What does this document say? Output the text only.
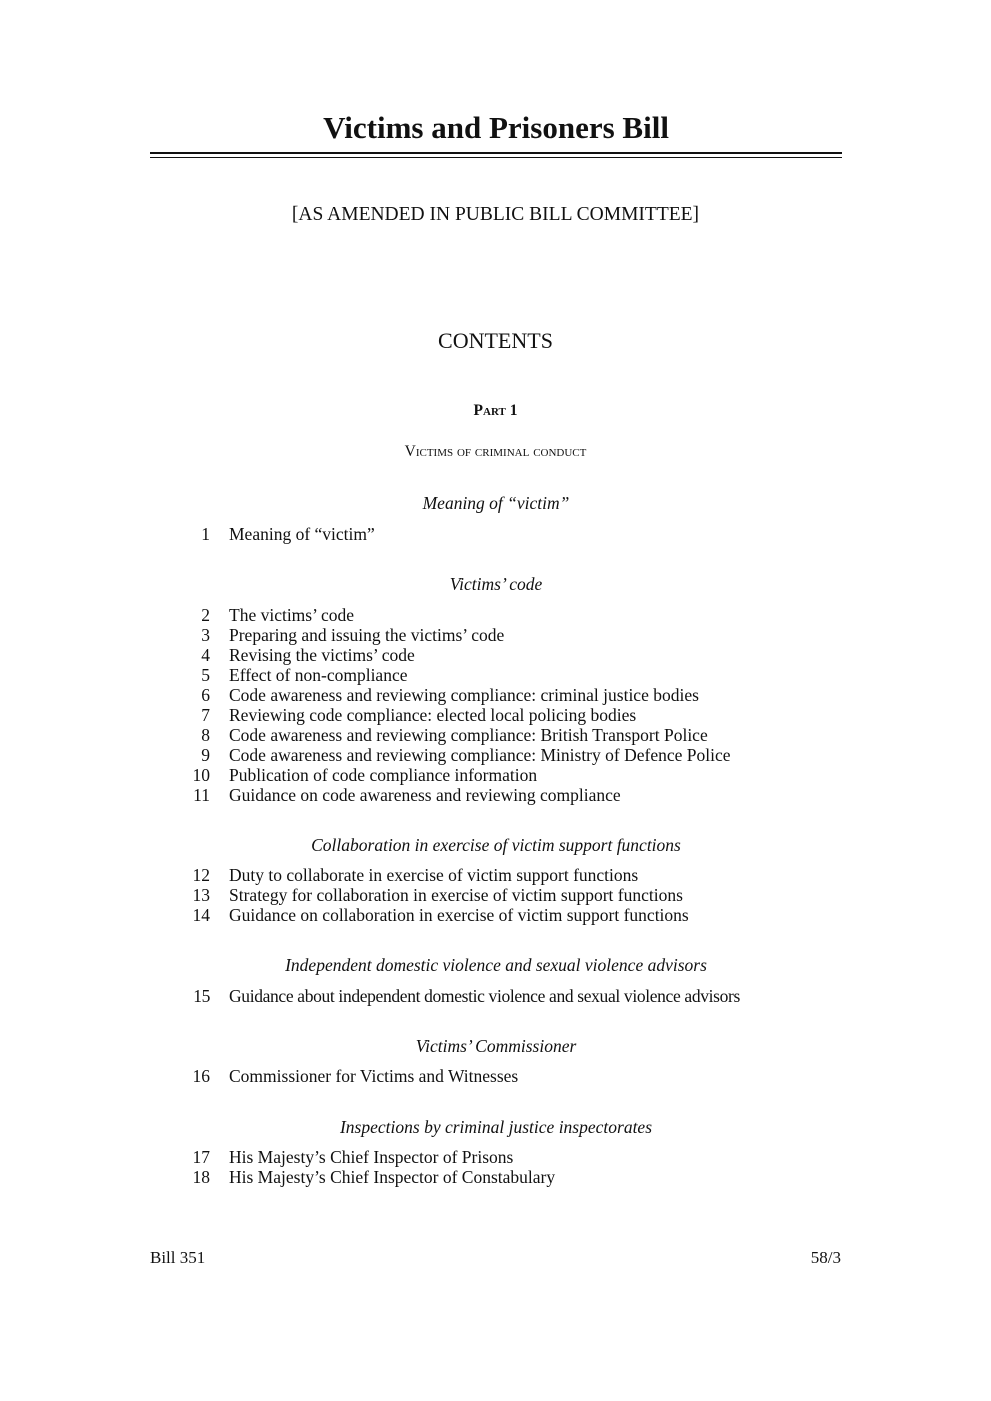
Victims and Prisoners Bill
[AS AMENDED IN PUBLIC BILL COMMITTEE]
CONTENTS
Part 1
Victims of criminal conduct
Meaning of “victim”
1 Meaning of “victim”
Victims’ code
2 The victims’ code
3 Preparing and issuing the victims’ code
4 Revising the victims’ code
5 Effect of non-compliance
6 Code awareness and reviewing compliance: criminal justice bodies
7 Reviewing code compliance: elected local policing bodies
8 Code awareness and reviewing compliance: British Transport Police
9 Code awareness and reviewing compliance: Ministry of Defence Police
10 Publication of code compliance information
11 Guidance on code awareness and reviewing compliance
Collaboration in exercise of victim support functions
12 Duty to collaborate in exercise of victim support functions
13 Strategy for collaboration in exercise of victim support functions
14 Guidance on collaboration in exercise of victim support functions
Independent domestic violence and sexual violence advisors
15 Guidance about independent domestic violence and sexual violence advisors
Victims’ Commissioner
16 Commissioner for Victims and Witnesses
Inspections by criminal justice inspectorates
17 His Majesty’s Chief Inspector of Prisons
18 His Majesty’s Chief Inspector of Constabulary
Bill 351	58/3
